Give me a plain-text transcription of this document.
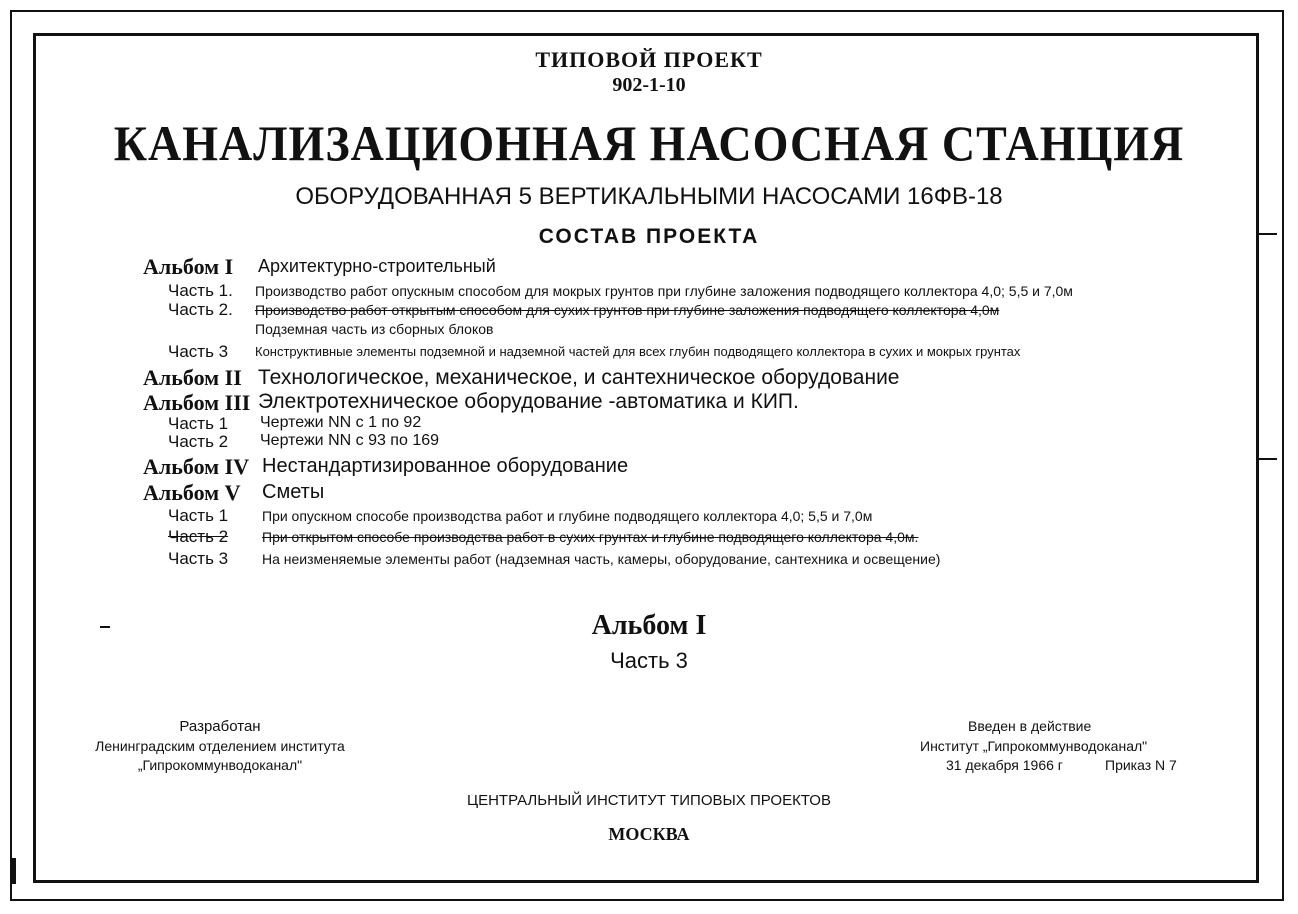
ТИПОВОЙ ПРОЕКТ
902-1-10
КАНАЛИЗАЦИОННАЯ НАСОСНАЯ СТАНЦИЯ
ОБОРУДОВАННАЯ 5 ВЕРТИКАЛЬНЫМИ НАСОСАМИ 16ФВ-18
СОСТАВ ПРОЕКТА
Альбом I Архитектурно-строительный
Часть 1. Производство работ опускным способом для мокрых грунтов при глубине заложения подводящего коллектора 4,0; 5,5 и 7,0м
Часть 2. Производство работ открытым способом для сухих грунтов при глубине заложения подводящего коллектора 4,0м
Подземная часть из сборных блоков
Часть 3 Конструктивные элементы подземной и надземной частей для всех глубин подводящего коллектора в сухих и мокрых грунтах
Альбом II Технологическое, механическое, и сантехническое оборудование
Альбом III Электротехническое оборудование -автоматика и КИП.
Часть 1 Чертежи NN с 1 по 92
Часть 2 Чертежи NN с 93 по 169
Альбом IV Нестандартизированное оборудование
Альбом V Сметы
Часть 1 При опускном способе производства работ и глубине подводящего коллектора 4,0; 5,5 и 7,0м
Часть 2 При открытом способе производства работ в сухих грунтах и глубине подводящего коллектора 4,0м.
Часть 3 На неизменяемые элементы работ (надземная часть, камеры, оборудование, сантехника и освещение)
Альбом I
Часть 3
Разработан
Ленинградским отделением института
„Гипрокоммунводоканал"
Введен в действие
Институт „Гипрокоммунводоканал"
31 декабря 1966 г	Приказ N 7
ЦЕНТРАЛЬНЫЙ ИНСТИТУТ ТИПОВЫХ ПРОЕКТОВ
МОСКВА
